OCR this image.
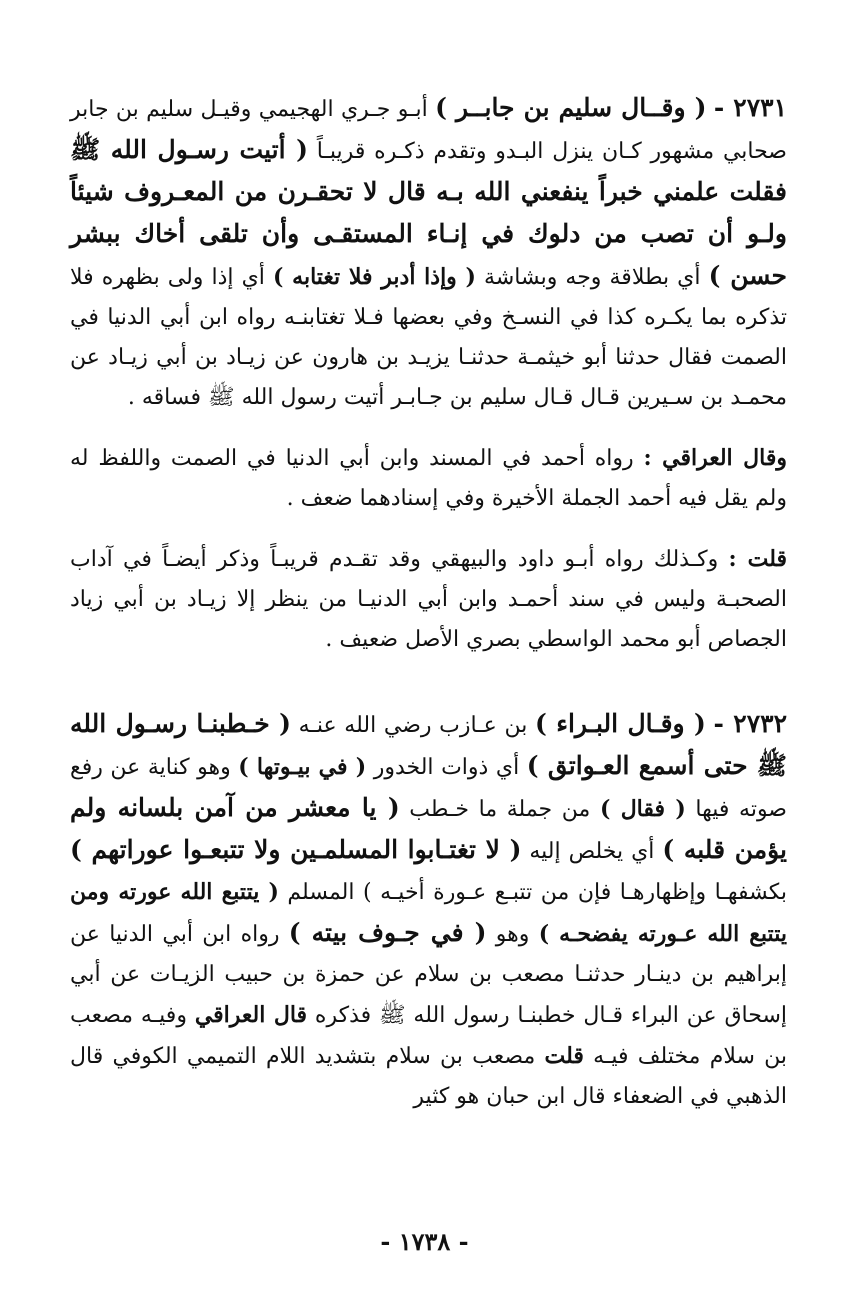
٢٧٣١ - ( وقــال سليم بن جابــر ) أبـو جـري الهجيمي وقيـل سليم بن جابر صحابي مشهور كـان ينزل البـدو وتقدم ذكـره قريبـاً ( أتيت رسـول الله ﷺ فقلت علمني خبراً ينفعني الله بـه قال لا تحقـرن من المعـروف شيئاً ولـو أن تصب من دلوك في إنـاء المستقـى وأن تلقى أخاك ببشر حسن ) أي بطلاقة وجه وبشاشة ( وإذا أدبر فلا تغتابه ) أي إذا ولى بظهره فلا تذكره بما يكـره كذا في النسـخ وفي بعضها فـلا تغتابنـه رواه ابن أبي الدنيا في الصمت فقال حدثنا أبو خيثمـة حدثنـا يزيـد بن هارون عن زيـاد بن أبي زيـاد عن محمـد بن سـيرين قـال قـال سليم بن جـابـر أتيت رسول الله ﷺ فساقه .

وقال العراقي : رواه أحمد في المسند وابن أبي الدنيا في الصمت واللفظ له ولم يقل فيه أحمد الجملة الأخيرة وفي إسنادهما ضعف .

قلت : وكـذلك رواه أبـو داود والبيهقي وقد تقـدم قريبـاً وذكر أيضـاً في آداب الصحبـة وليس في سند أحمـد وابن أبي الدنيـا من ينظر إلا زيـاد بن أبي زياد الجصاص أبو محمد الواسطي بصري الأصل ضعيف .

٢٧٣٢ - ( وقـال البـراء ) بن عـازب رضي الله عنـه ( خـطبنـا رسـول الله ﷺ حتى أسمع العـواتق ) أي ذوات الخدور ( في بيـوتها ) وهو كناية عن رفع صوته فيها ( فقال ) من جملة ما خـطب ( يا معشر من آمن بلسانه ولم يؤمن قلبه ) أي يخلص إليه ( لا تغتـابوا المسلمـين ولا تتبعـوا عوراتهم ) بكشفهـا وإظهارهـا فإن من تتبـع عـورة أخيـه ) المسلم ( يتتبع الله عورته ومن يتتبع الله عـورته يفضحـه ) وهو ( في جـوف بيته ) رواه ابن أبي الدنيا عن إبراهيم بن دينـار حدثنـا مصعب بن سلام عن حمزة بن حبيب الزيـات عن أبي إسحاق عن البراء قـال خطبنـا رسول الله ﷺ فذكره قال العراقي وفيـه مصعب بن سلام مختلف فيـه قلت مصعب بن سلام بتشديد اللام التميمي الكوفي قال الذهبي في الضعفاء قال ابن حبان هو كثير

- ١٧٣٨ -
